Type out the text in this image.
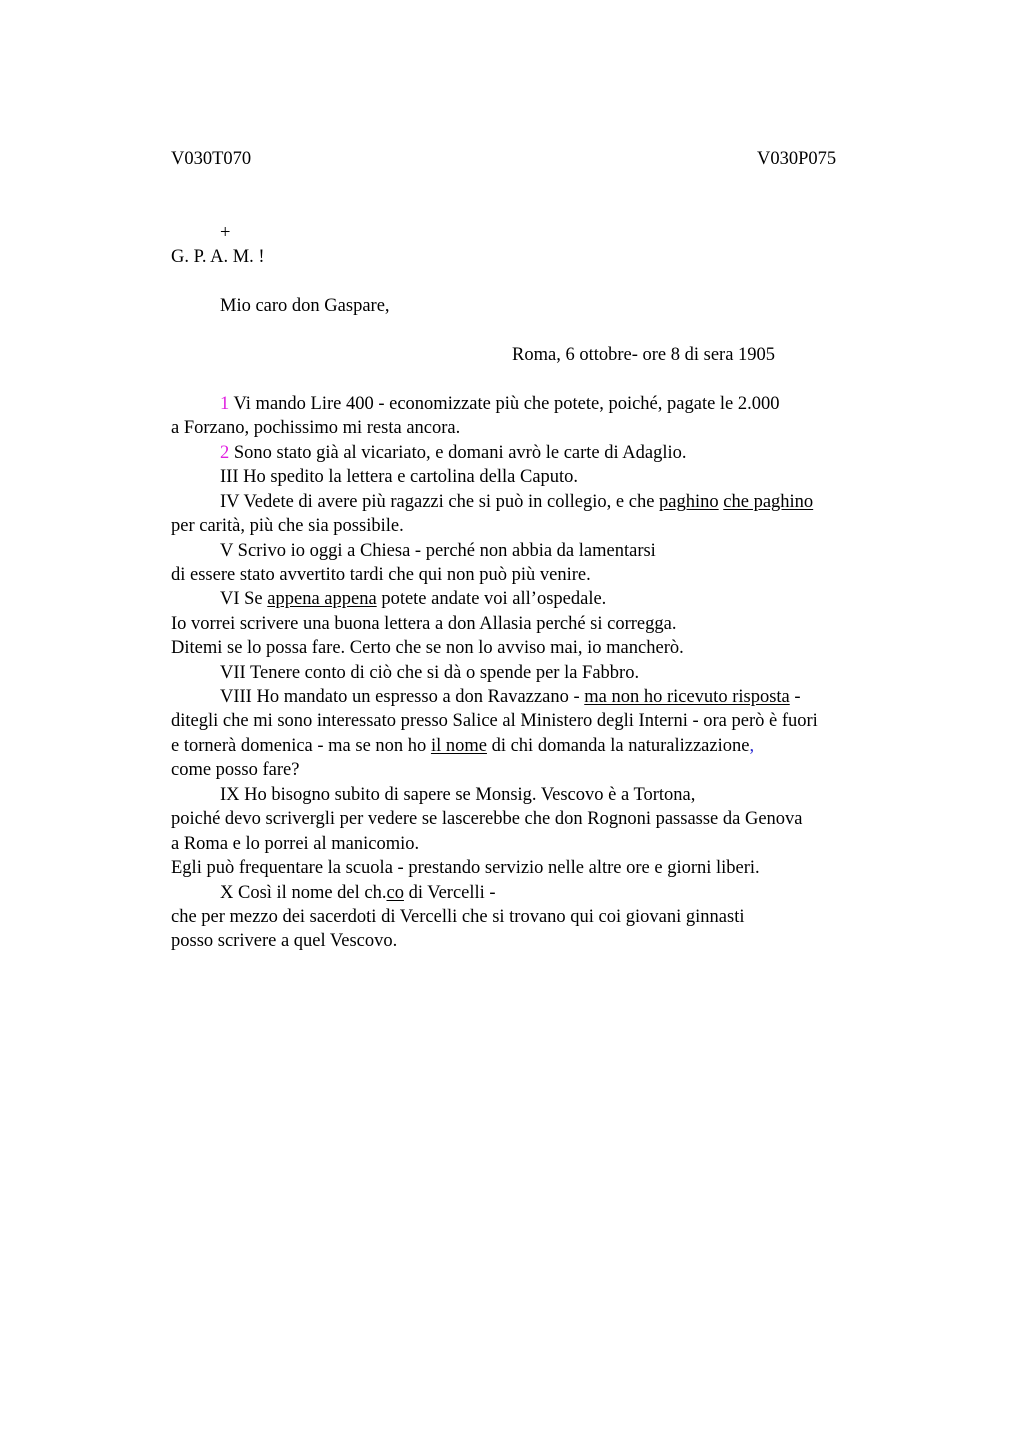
V030T070	V030P075
+
G. P. A. M. !
Mio caro don Gaspare,
Roma, 6 ottobre- ore 8 di sera 1905
1 Vi mando Lire 400 - economizzate più che potete, poiché, pagate le 2.000
a Forzano, pochissimo mi resta ancora.
2 Sono stato già al vicariato, e domani avrò le carte di Adaglio.
III Ho spedito la lettera e cartolina della Caputo.
IV Vedete di avere più ragazzi che si può in collegio, e che paghino che paghino
per carità, più che sia possibile.
V Scrivo io oggi a Chiesa - perché non abbia da lamentarsi
di essere stato avvertito tardi che qui non può più venire.
VI Se appena appena potete andate voi all’ospedale.
Io vorrei scrivere una buona lettera a don Allasia perché si corregga.
Ditemi se lo possa fare. Certo che se non lo avviso mai, io mancherò.
VII Tenere conto di ciò che si dà o spende per la Fabbro.
VIII Ho mandato un espresso a don Ravazzano - ma non ho ricevuto risposta -
ditegli che mi sono interessato presso Salice al Ministero degli Interni - ora però è fuori
e tornerà domenica - ma se non ho il nome di chi domanda la naturalizzazione,
come posso fare?
IX Ho bisogno subito di sapere se Monsig. Vescovo è a Tortona,
poiché devo scrivergli per vedere se lascerebbe che don Rognoni passasse da Genova
a Roma e lo porrei al manicomio.
Egli può frequentare la scuola - prestando servizio nelle altre ore e giorni liberi.
X Così il nome del ch.co di Vercelli -
che per mezzo dei sacerdoti di Vercelli che si trovano qui coi giovani ginnasti
posso scrivere a quel Vescovo.
